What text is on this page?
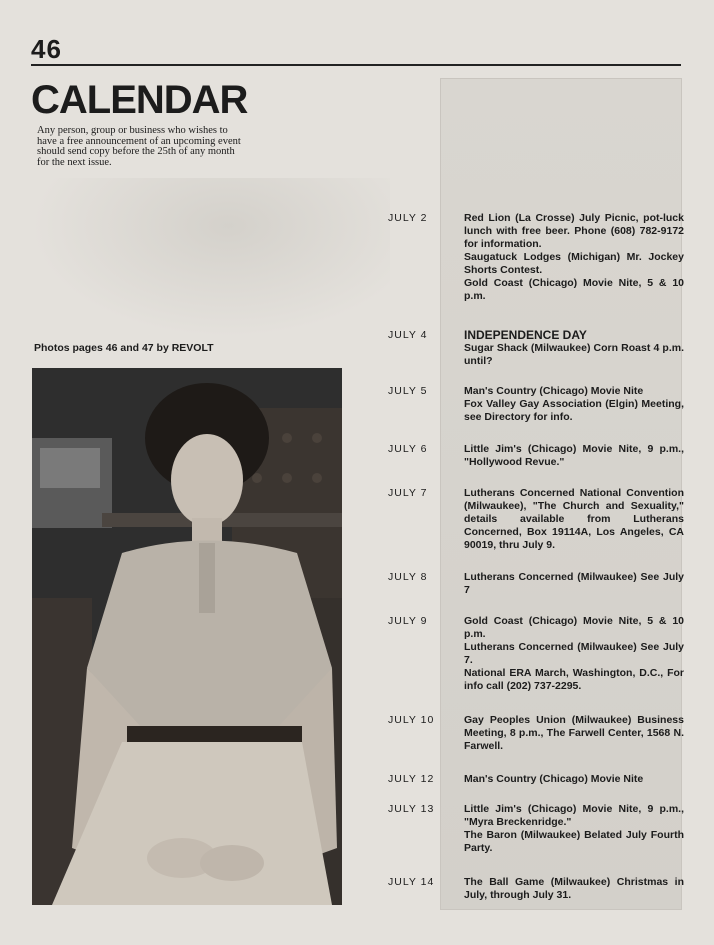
46
CALENDAR
Any person, group or business who wishes to have a free announcement of an upcoming event should send copy before the 25th of any month for the next issue.
Photos pages 46 and 47 by REVOLT
JULY 2	Red Lion (La Crosse) July Picnic, pot-luck lunch with free beer. Phone (608) 782-9172 for information.
Saugatuck Lodges (Michigan) Mr. Jockey Shorts Contest.
Gold Coast (Chicago) Movie Nite, 5 & 10 p.m.
JULY 4	INDEPENDENCE DAY
Sugar Shack (Milwaukee) Corn Roast 4 p.m. until?
JULY 5	Man's Country (Chicago) Movie Nite
Fox Valley Gay Association (Elgin) Meeting, see Directory for info.
JULY 6	Little Jim's (Chicago) Movie Nite, 9 p.m., "Hollywood Revue."
JULY 7	Lutherans Concerned National Convention (Milwaukee), "The Church and Sexuality," details available from Lutherans Concerned, Box 19114A, Los Angeles, CA 90019, thru July 9.
JULY 8	Lutherans Concerned (Milwaukee) See July 7
JULY 9	Gold Coast (Chicago) Movie Nite, 5 & 10 p.m.
Lutherans Concerned (Milwaukee) See July 7.
National ERA March, Washington, D.C., For info call (202) 737-2295.
JULY 10	Gay Peoples Union (Milwaukee) Business Meeting, 8 p.m., The Farwell Center, 1568 N. Farwell.
JULY 12	Man's Country (Chicago) Movie Nite
JULY 13	Little Jim's (Chicago) Movie Nite, 9 p.m., "Myra Breckenridge."
The Baron (Milwaukee) Belated July Fourth Party.
JULY 14	The Ball Game (Milwaukee) Christmas in July, through July 31.
